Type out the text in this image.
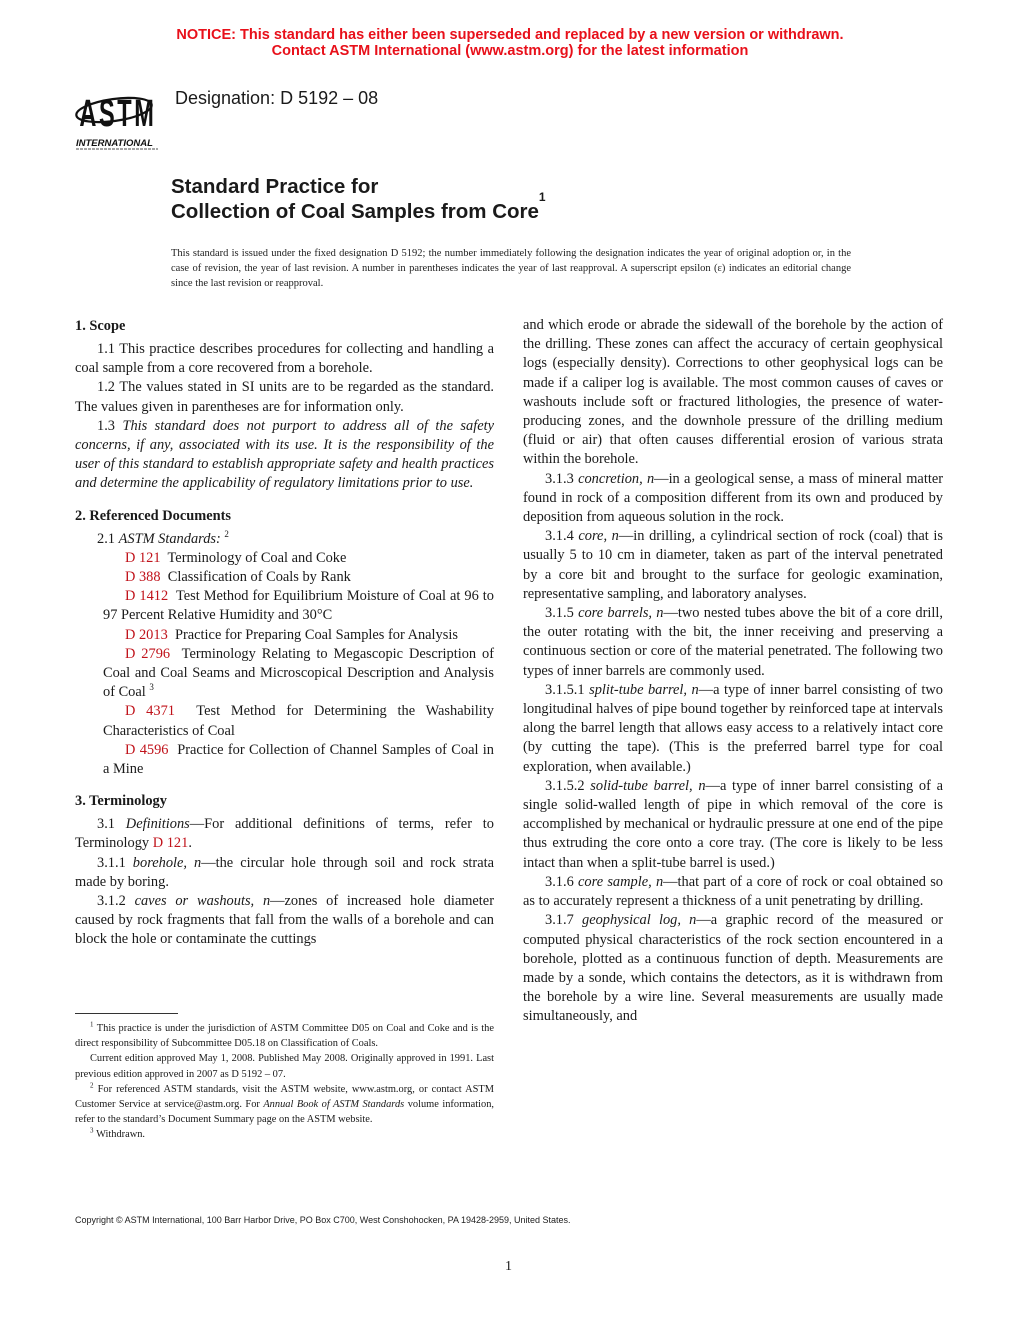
NOTICE: This standard has either been superseded and replaced by a new version or withdrawn.
Contact ASTM International (www.astm.org) for the latest information
ASTM
INTERNATIONAL
Designation: D 5192 – 08
Standard Practice for
Collection of Coal Samples from Core$^1$
This standard is issued under the fixed designation D 5192; the number immediately following the designation indicates the year of original adoption or, in the case of revision, the year of last revision. A number in parentheses indicates the year of last reapproval. A superscript epsilon (ε) indicates an editorial change since the last revision or reapproval.
1. Scope

1.1 This practice describes procedures for collecting and handling a coal sample from a core recovered from a borehole.

1.2 The values stated in SI units are to be regarded as the standard. The values given in parentheses are for information only.

1.3 This standard does not purport to address all of the safety concerns, if any, associated with its use. It is the responsibility of the user of this standard to establish appropriate safety and health practices and determine the applicability of regulatory limitations prior to use.

2. Referenced Documents

2.1 ASTM Standards: $^2$

D 121 Terminology of Coal and Coke

D 388 Classification of Coals by Rank

D 1412 Test Method for Equilibrium Moisture of Coal at 96 to 97 Percent Relative Humidity and 30°C

D 2013 Practice for Preparing Coal Samples for Analysis

D 2796 Terminology Relating to Megascopic Description of Coal and Coal Seams and Microscopical Description and Analysis of Coal $^3$

D 4371 Test Method for Determining the Washability Characteristics of Coal

D 4596 Practice for Collection of Channel Samples of Coal in a Mine

3. Terminology

3.1 Definitions—For additional definitions of terms, refer to Terminology D 121.

3.1.1 borehole, n—the circular hole through soil and rock strata made by boring.

3.1.2 caves or washouts, n—zones of increased hole diameter caused by rock fragments that fall from the walls of a borehole and can block the hole or contaminate the cuttings

$^1$ This practice is under the jurisdiction of ASTM Committee D05 on Coal and Coke and is the direct responsibility of Subcommittee D05.18 on Classification of Coals.

Current edition approved May 1, 2008. Published May 2008. Originally approved in 1991. Last previous edition approved in 2007 as D 5192 – 07.

$^2$ For referenced ASTM standards, visit the ASTM website, www.astm.org, or contact ASTM Customer Service at service@astm.org. For Annual Book of ASTM Standards volume information, refer to the standard’s Document Summary page on the ASTM website.

$^3$ Withdrawn.

and which erode or abrade the sidewall of the borehole by the action of the drilling. These zones can affect the accuracy of certain geophysical logs (especially density). Corrections to other geophysical logs can be made if a caliper log is available. The most common causes of caves or washouts include soft or fractured lithologies, the presence of water-producing zones, and the downhole pressure of the drilling medium (fluid or air) that often causes differential erosion of various strata within the borehole.

3.1.3 concretion, n—in a geological sense, a mass of mineral matter found in rock of a composition different from its own and produced by deposition from aqueous solution in the rock.

3.1.4 core, n—in drilling, a cylindrical section of rock (coal) that is usually 5 to 10 cm in diameter, taken as part of the interval penetrated by a core bit and brought to the surface for geologic examination, representative sampling, and laboratory analyses.

3.1.5 core barrels, n—two nested tubes above the bit of a core drill, the outer rotating with the bit, the inner receiving and preserving a continuous section or core of the material penetrated. The following two types of inner barrels are commonly used.

3.1.5.1 split-tube barrel, n—a type of inner barrel consisting of two longitudinal halves of pipe bound together by reinforced tape at intervals along the barrel length that allows easy access to a relatively intact core (by cutting the tape). (This is the preferred barrel type for coal exploration, when available.)

3.1.5.2 solid-tube barrel, n—a type of inner barrel consisting of a single solid-walled length of pipe in which removal of the core is accomplished by mechanical or hydraulic pressure at one end of the pipe thus extruding the core onto a core tray. (The core is likely to be less intact than when a split-tube barrel is used.)

3.1.6 core sample, n—that part of a core of rock or coal obtained so as to accurately represent a thickness of a unit penetrating by drilling.

3.1.7 geophysical log, n—a graphic record of the measured or computed physical characteristics of the rock section encountered in a borehole, plotted as a continuous function of depth. Measurements are made by a sonde, which contains the detectors, as it is withdrawn from the borehole by a wire line. Several measurements are usually made simultaneously, and

Copyright © ASTM International, 100 Barr Harbor Drive, PO Box C700, West Conshohocken, PA 19428-2959, United States.
1
